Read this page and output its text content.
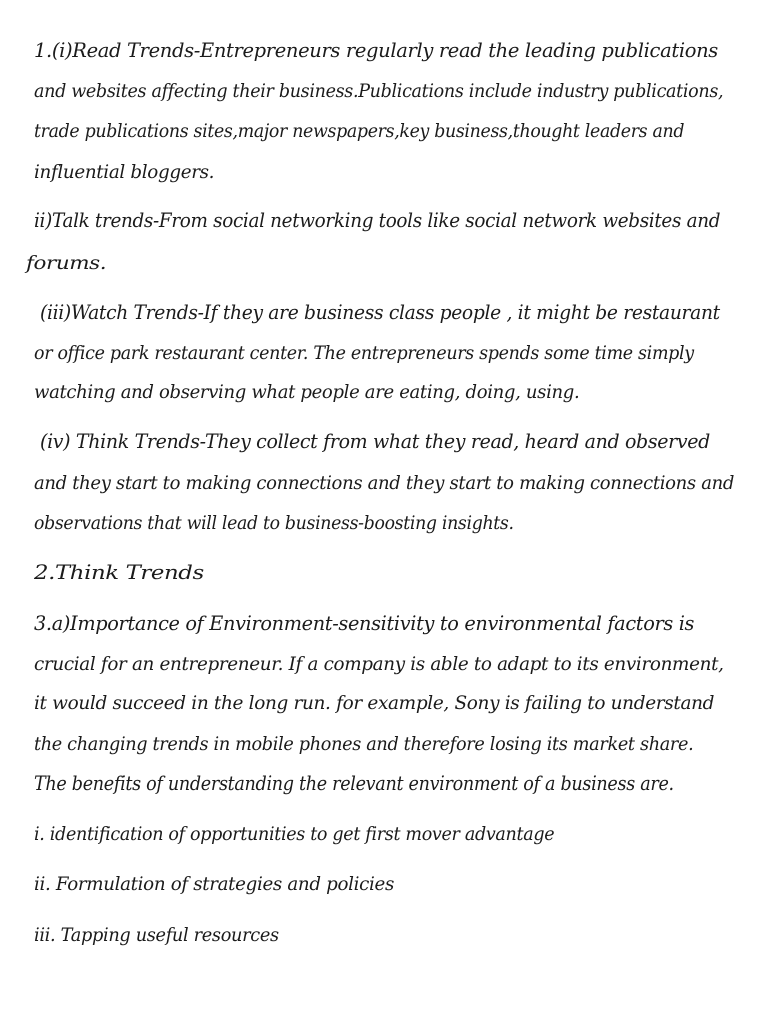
1.(i)Read Trends-Entrepreneurs regularly read the leading publications
and websites affecting their business.Publications include industry publications,
trade publications sites,major newspapers,key business,thought leaders and
influential bloggers.
ii)Talk trends-From social networking tools like social network websites and
forums.
(iii)Watch Trends-If they are business class people , it might be restaurant
or office park restaurant center. The entrepreneurs spends some time simply
watching and observing what people are eating, doing, using.
(iv) Think Trends-They collect from what they read, heard and observed
and they start to making connections and they start to making connections and
observations that will lead to business-boosting insights.
2.Think Trends
3.a)Importance of Environment-sensitivity to environmental factors is
crucial for an entrepreneur. If a company is able to adapt to its environment,
it would succeed in the long run. for example, Sony is failing to understand
the changing trends in mobile phones and therefore losing its market share.
The benefits of understanding the relevant environment of a business are.
i. identification of opportunities to get first mover advantage
ii. Formulation of strategies and policies
iii. Tapping useful resources
